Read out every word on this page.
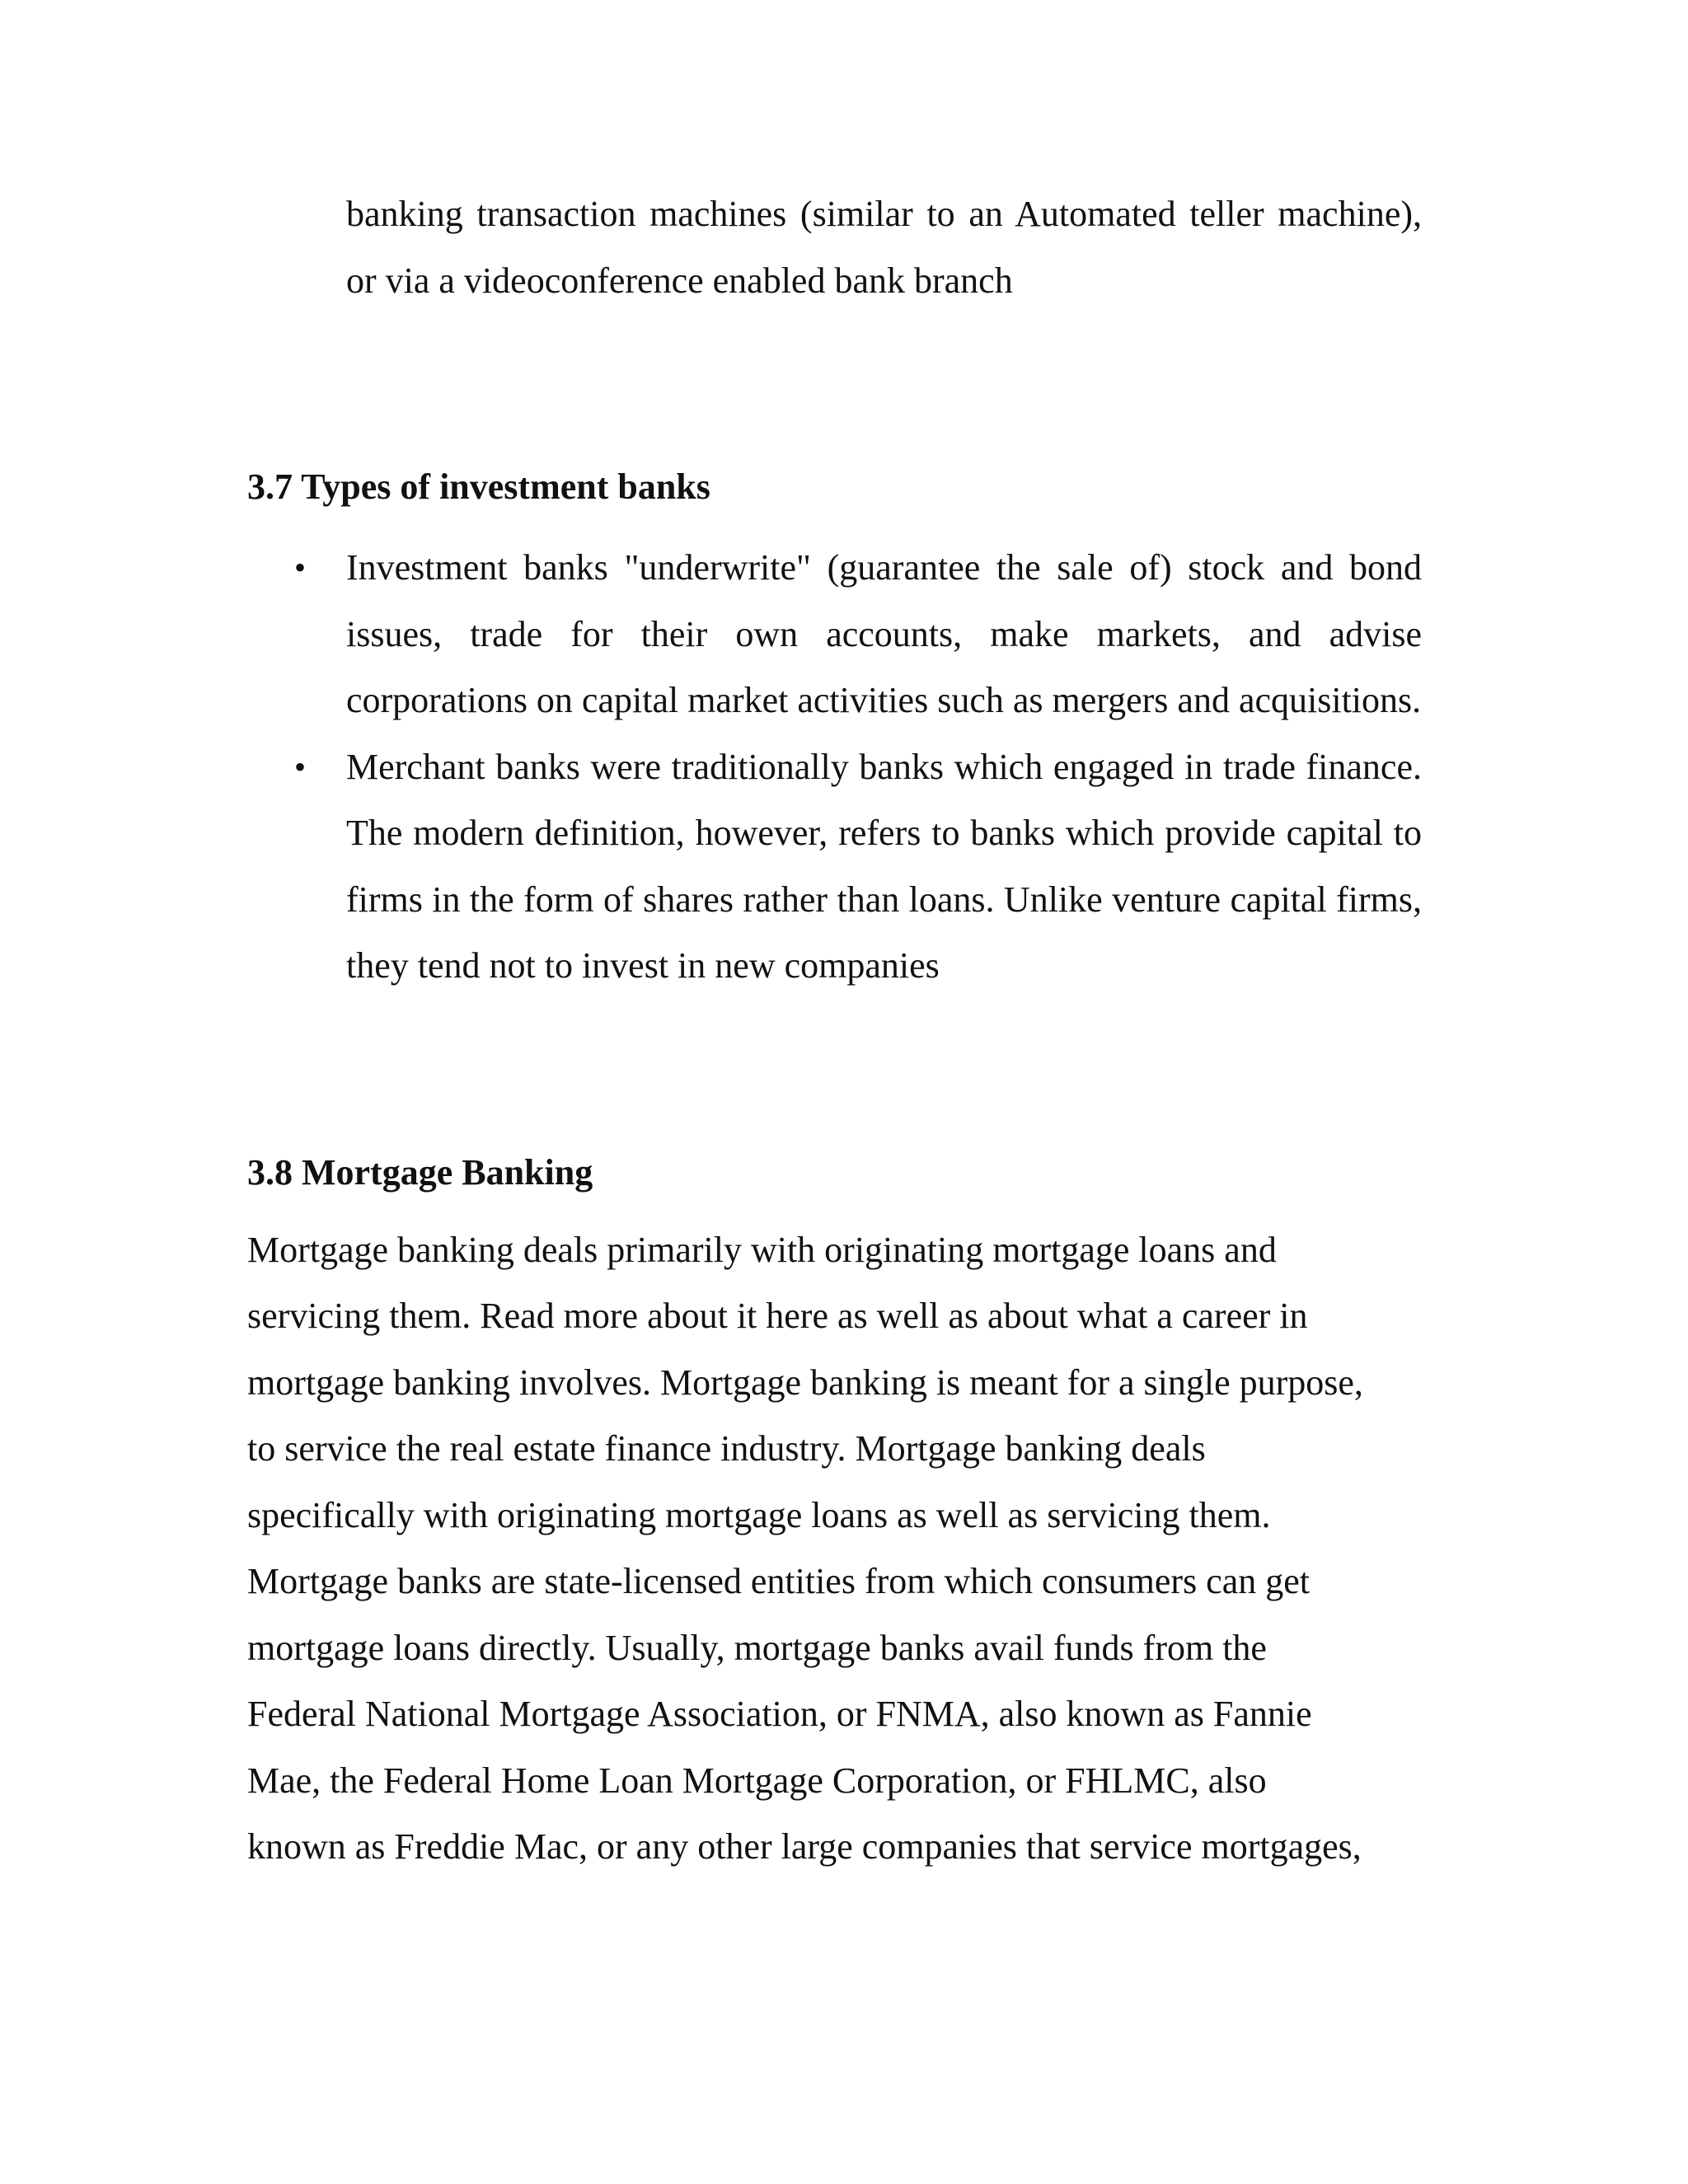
banking transaction machines (similar to an Automated teller machine), or via a videoconference enabled bank branch

3.7 Types of investment banks
• Investment banks "underwrite" (guarantee the sale of) stock and bond issues, trade for their own accounts, make markets, and advise corporations on capital market activities such as mergers and acquisitions.
• Merchant banks were traditionally banks which engaged in trade finance. The modern definition, however, refers to banks which provide capital to firms in the form of shares rather than loans. Unlike venture capital firms, they tend not to invest in new companies
3.8 Mortgage Banking
Mortgage banking deals primarily with originating mortgage loans and
servicing them. Read more about it here as well as about what a career in
mortgage banking involves. Mortgage banking is meant for a single purpose,
to service the real estate finance industry. Mortgage banking deals
specifically with originating mortgage loans as well as servicing them.
Mortgage banks are state-licensed entities from which consumers can get
mortgage loans directly. Usually, mortgage banks avail funds from the
Federal National Mortgage Association, or FNMA, also known as Fannie
Mae, the Federal Home Loan Mortgage Corporation, or FHLMC, also
known as Freddie Mac, or any other large companies that service mortgages,
